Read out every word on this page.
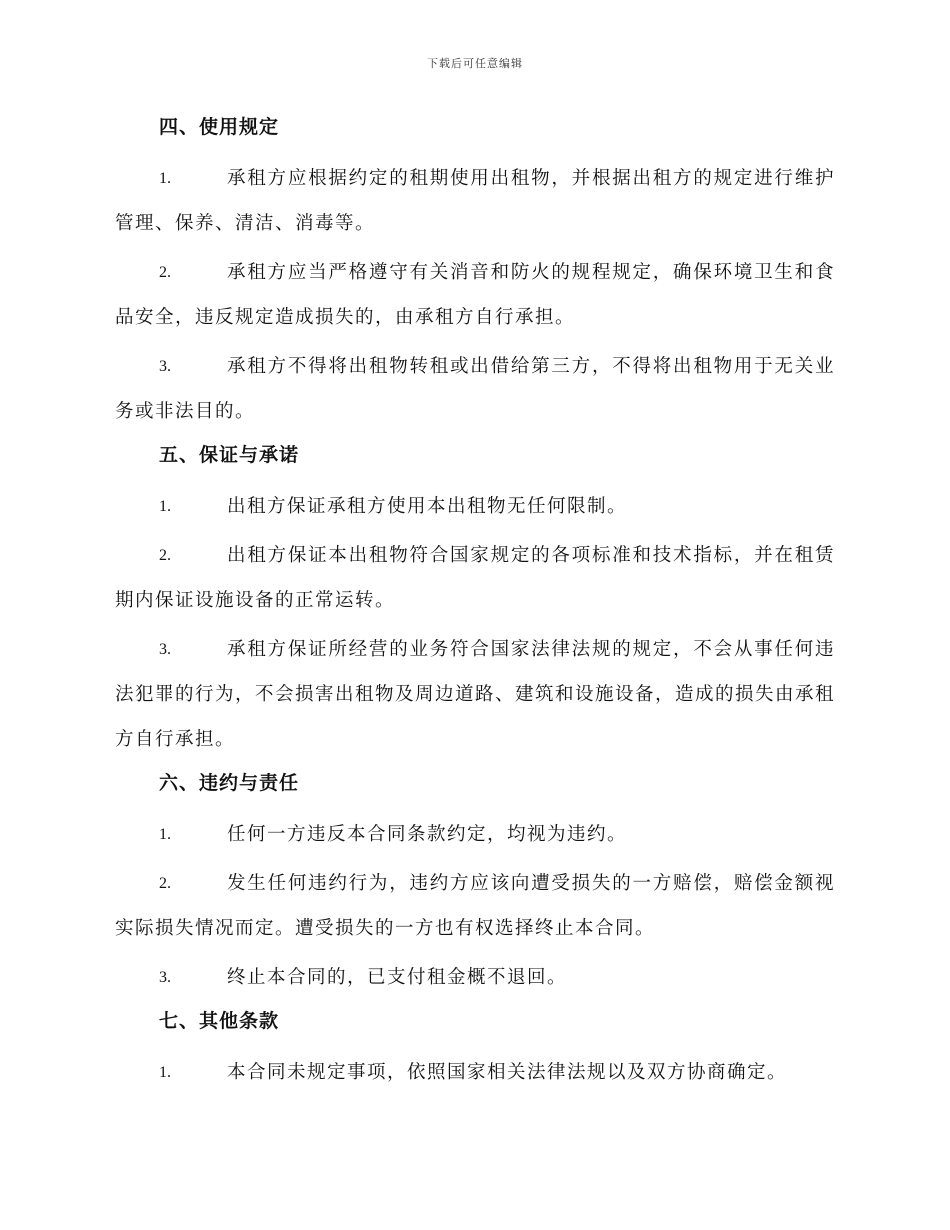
下载后可任意编辑
四、使用规定

1.	承租方应根据约定的租期使用出租物，并根据出租方的规定进行维护管理、保养、清洁、消毒等。

2.	承租方应当严格遵守有关消音和防火的规程规定，确保环境卫生和食品安全，违反规定造成损失的，由承租方自行承担。

3.	承租方不得将出租物转租或出借给第三方，不得将出租物用于无关业务或非法目的。

五、保证与承诺

1.	出租方保证承租方使用本出租物无任何限制。

2.	出租方保证本出租物符合国家规定的各项标准和技术指标，并在租赁期内保证设施设备的正常运转。

3.	承租方保证所经营的业务符合国家法律法规的规定，不会从事任何违法犯罪的行为，不会损害出租物及周边道路、建筑和设施设备，造成的损失由承租方自行承担。

六、违约与责任

1.	任何一方违反本合同条款约定，均视为违约。

2.	发生任何违约行为，违约方应该向遭受损失的一方赔偿，赔偿金额视实际损失情况而定。遭受损失的一方也有权选择终止本合同。

3.	终止本合同的，已支付租金概不退回。

七、其他条款

1.	本合同未规定事项，依照国家相关法律法规以及双方协商确定。
